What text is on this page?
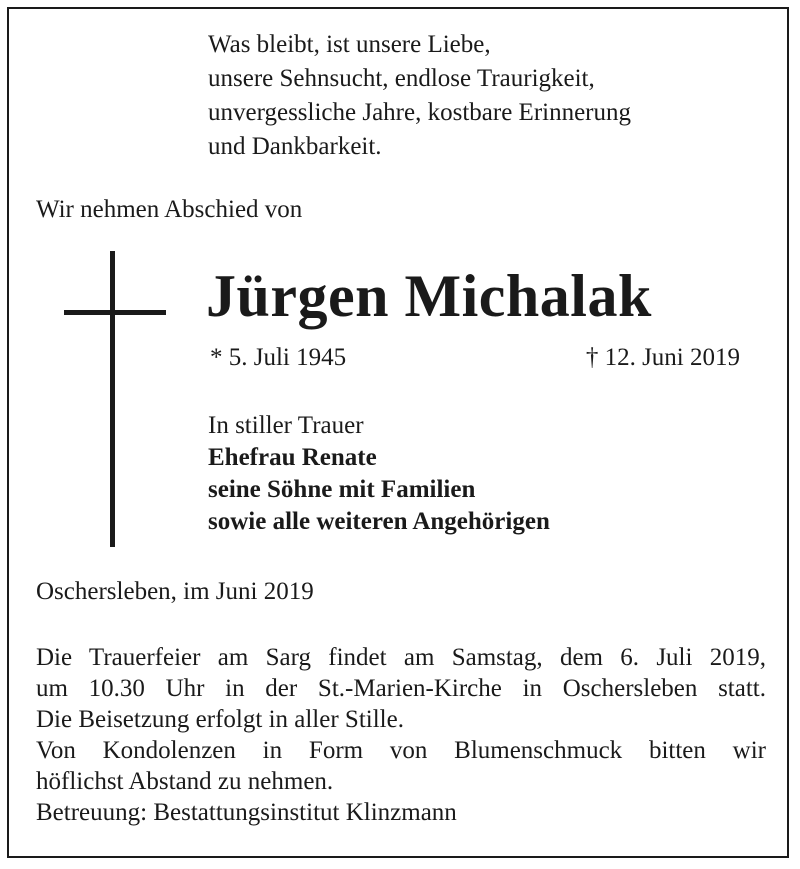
Was bleibt, ist unsere Liebe,
unsere Sehnsucht, endlose Traurigkeit,
unvergessliche Jahre, kostbare Erinnerung
und Dankbarkeit.
Wir nehmen Abschied von
Jürgen Michalak
* 5. Juli 1945	† 12. Juni 2019
In stiller Trauer
Ehefrau Renate
seine Söhne mit Familien
sowie alle weiteren Angehörigen
Oschersleben, im Juni 2019
Die Trauerfeier am Sarg findet am Samstag, dem 6. Juli 2019,
um 10.30 Uhr in der St.-Marien-Kirche in Oschersleben statt.
Die Beisetzung erfolgt in aller Stille.
Von Kondolenzen in Form von Blumenschmuck bitten wir
höflichst Abstand zu nehmen.
Betreuung: Bestattungsinstitut Klinzmann
